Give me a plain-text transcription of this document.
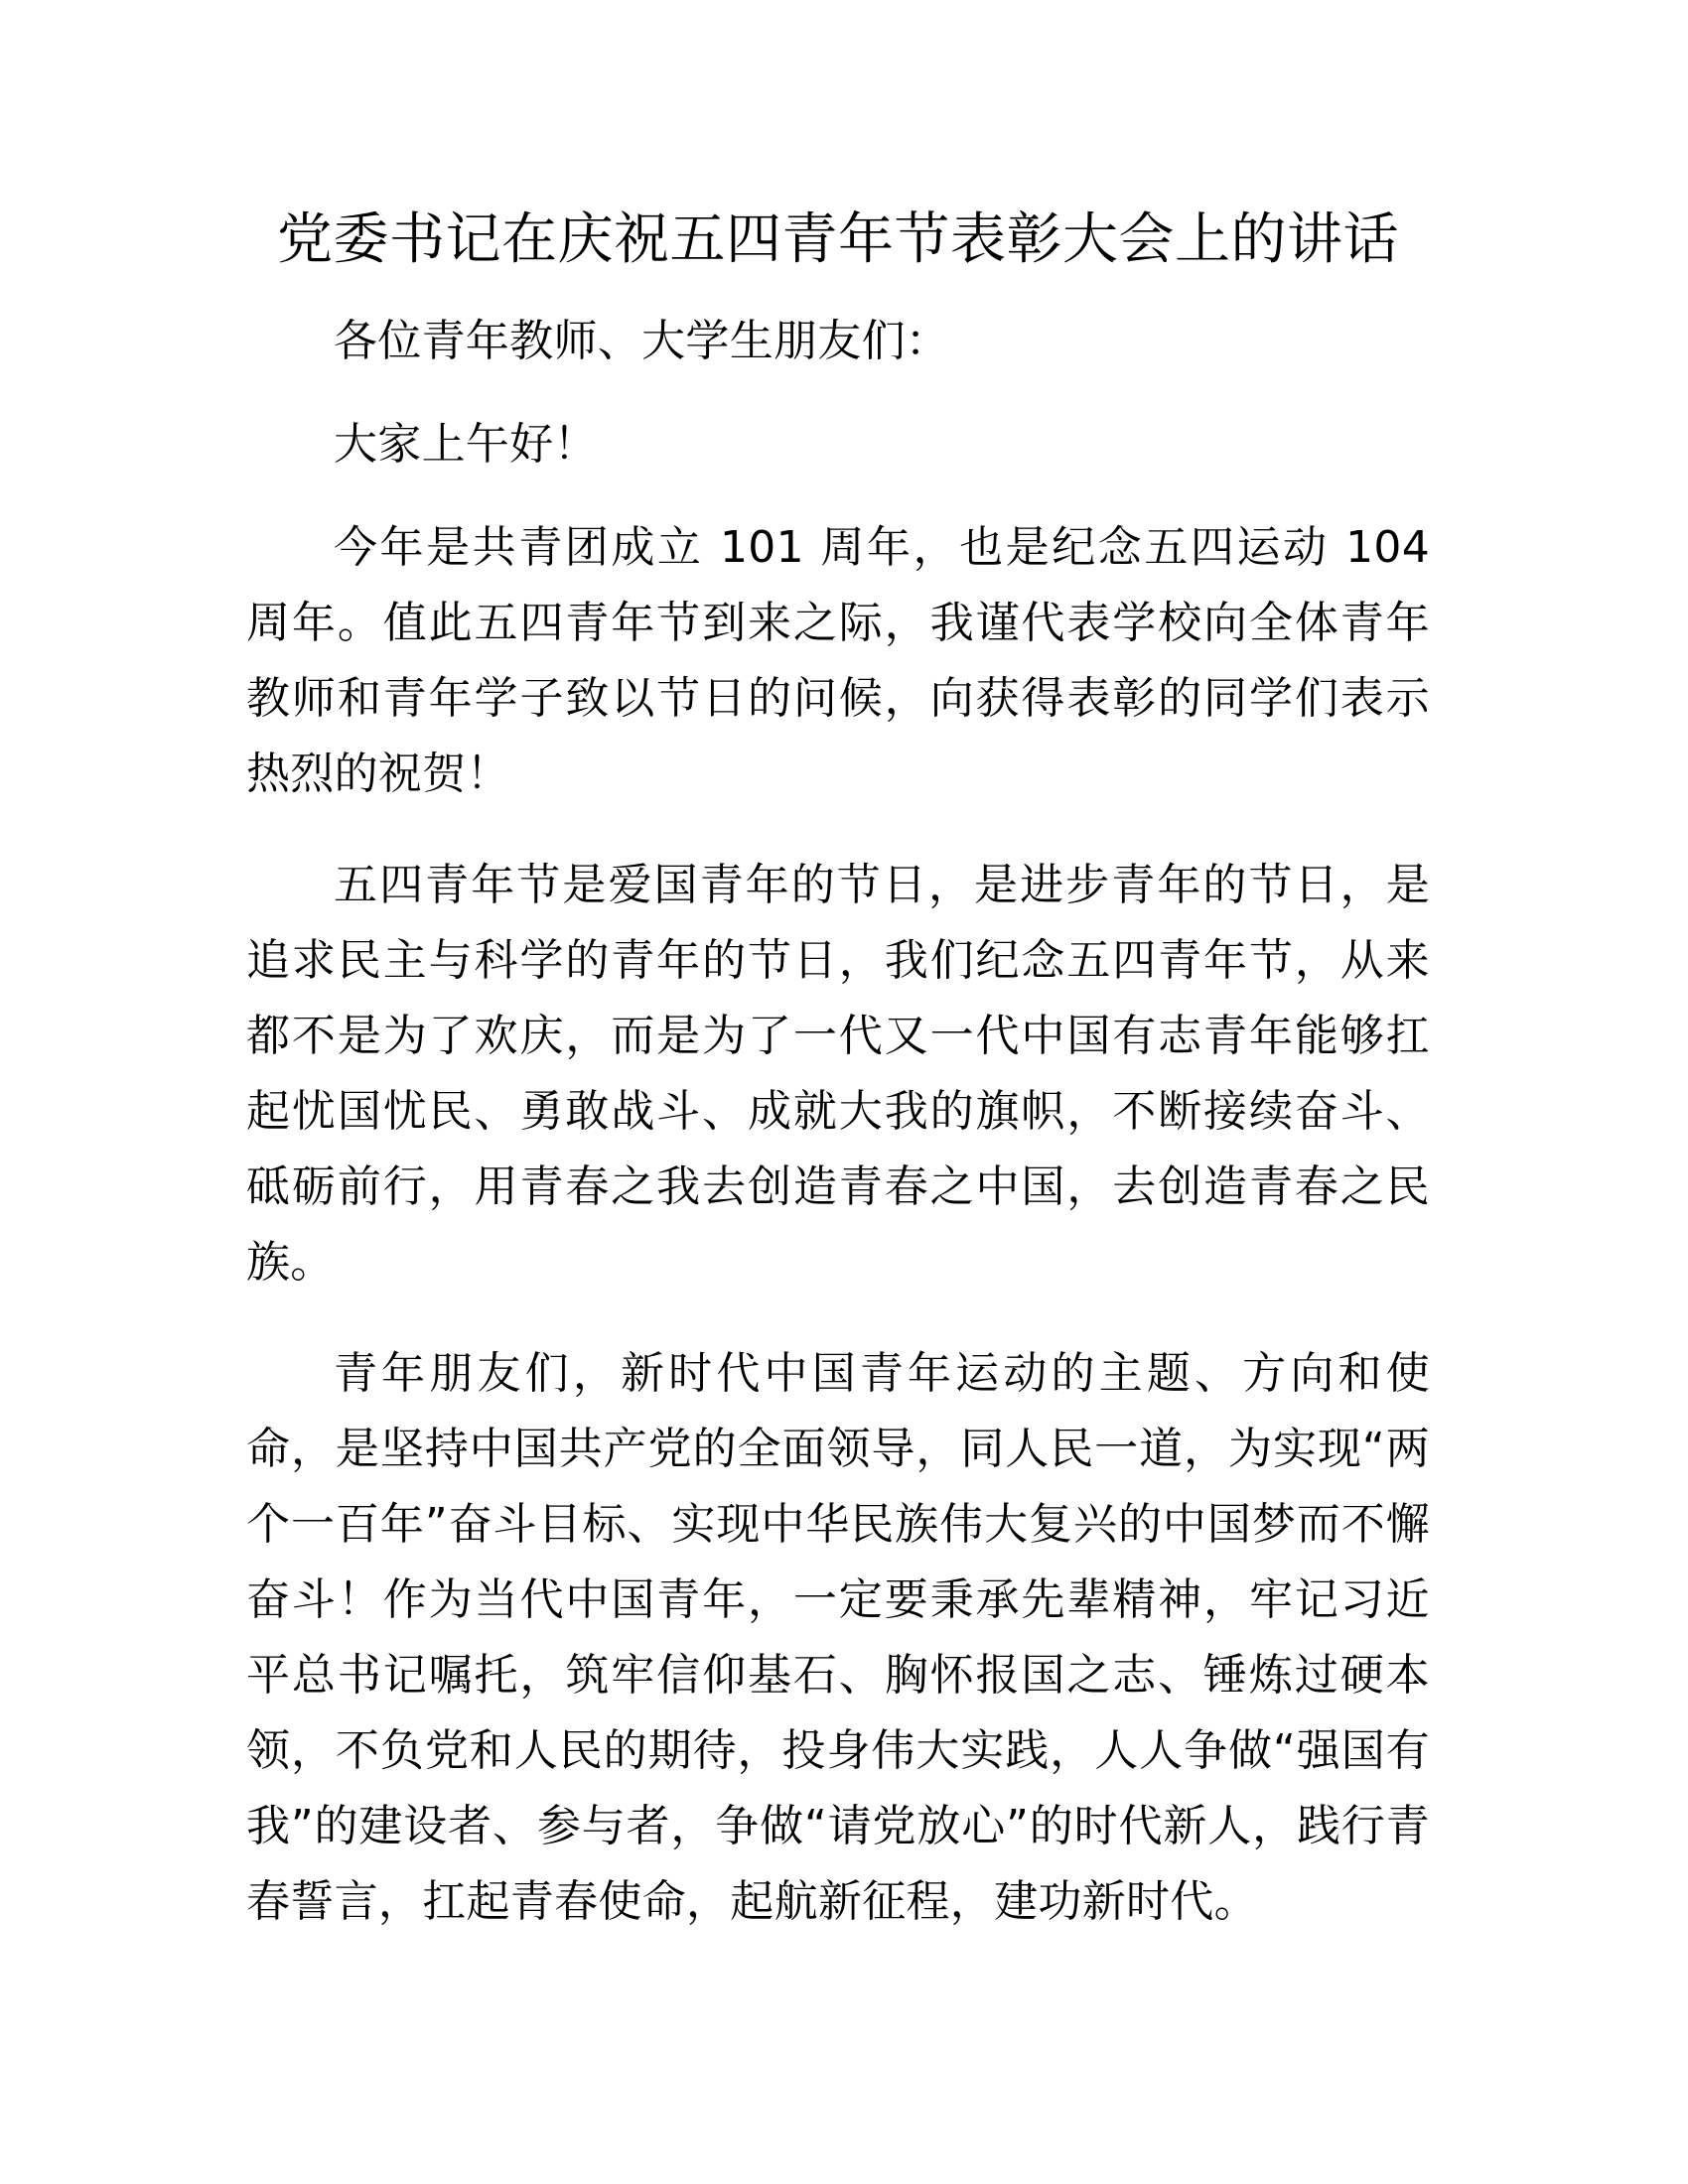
党委书记在庆祝五四青年节表彰大会上的讲话

各位青年教师、大学生朋友们：

大家上午好！

今年是共青团成立 101 周年，也是纪念五四运动 104 周年。值此五四青年节到来之际，我谨代表学校向全体青年教师和青年学子致以节日的问候，向获得表彰的同学们表示热烈的祝贺！

五四青年节是爱国青年的节日，是进步青年的节日，是追求民主与科学的青年的节日，我们纪念五四青年节，从来都不是为了欢庆，而是为了一代又一代中国有志青年能够扛起忧国忧民、勇敢战斗、成就大我的旗帜，不断接续奋斗、砥砺前行，用青春之我去创造青春之中国，去创造青春之民族。

青年朋友们，新时代中国青年运动的主题、方向和使命，是坚持中国共产党的全面领导，同人民一道，为实现“两个一百年”奋斗目标、实现中华民族伟大复兴的中国梦而不懈奋斗！作为当代中国青年，一定要秉承先辈精神，牢记习近平总书记嘱托，筑牢信仰基石、胸怀报国之志、锤炼过硬本领，不负党和人民的期待，投身伟大实践，人人争做“强国有我”的建设者、参与者，争做“请党放心”的时代新人，践行青春誓言，扛起青春使命，起航新征程，建功新时代。
